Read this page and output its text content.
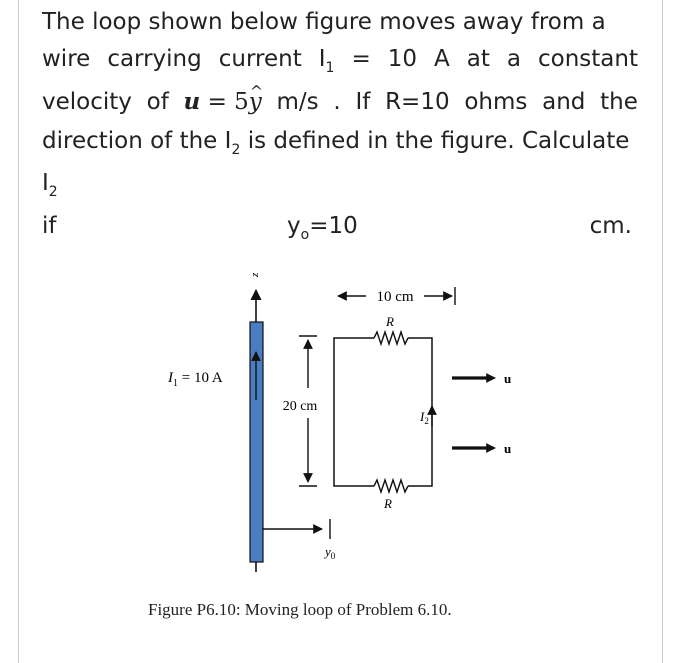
The loop shown below figure moves away from a
wire carrying current $I_1 = 10$ A at a constant
velocity of u = 5^ y m/s . If R=10 ohms and the
direction of the $I_2$ is defined in the figure. Calculate
$I_2$
if	$y_o=10$	cm.
z
$I_1 = 10$ A
$y_0$
10 cm
20 cm
R
R
$I_2$
u
u
Figure P6.10: Moving loop of Problem 6.10.
